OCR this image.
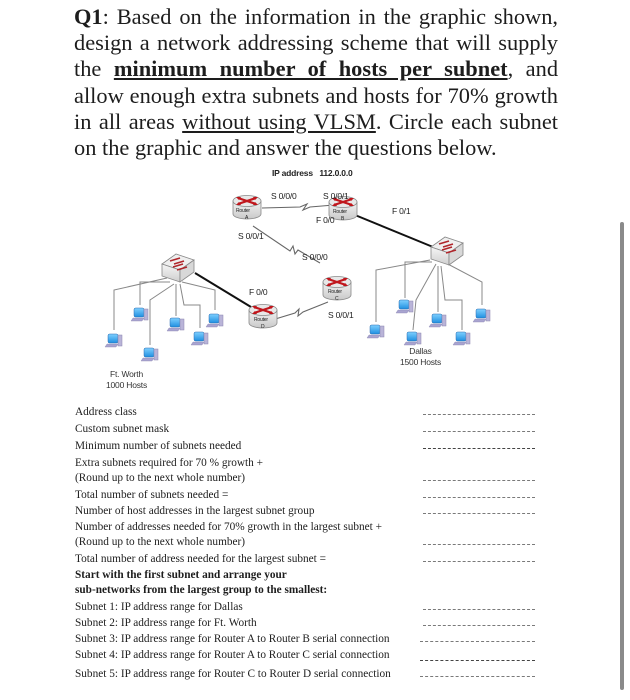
Q1: Based on the information in the graphic shown, design a network addressing scheme that will supply the minimum number of hosts per subnet, and allow enough extra subnets and hosts for 70% growth in all areas without using VLSM. Circle each subnet on the graphic and answer the questions below.
IP address 112.0.0.0
Router
A
Router
B
Router
C
Router
D
S 0/0/0
S 0/0/1
S 0/0/1
F 0/0
F 0/1
S 0/0/0
S 0/0/1
F 0/0
Ft. Worth
1000 Hosts
Dallas
1500 Hosts
Address class
Custom subnet mask
Minimum number of subnets needed
Extra subnets required for 70 % growth +
(Round up to the next whole number)
Total number of subnets needed =
Number of host addresses in the largest subnet group
Number of addresses needed for 70% growth in the largest subnet +
(Round up to the next whole number)
Total number of address needed for the largest subnet =
Start with the first subnet and arrange your
sub-networks from the largest group to the smallest:
Subnet 1: IP address range for Dallas
Subnet 2: IP address range for Ft. Worth
Subnet 3: IP address range for Router A to Router B serial connection
Subnet 4: IP address range for Router A to Router C serial connection
Subnet 5: IP address range for Router C to Router D serial connection
